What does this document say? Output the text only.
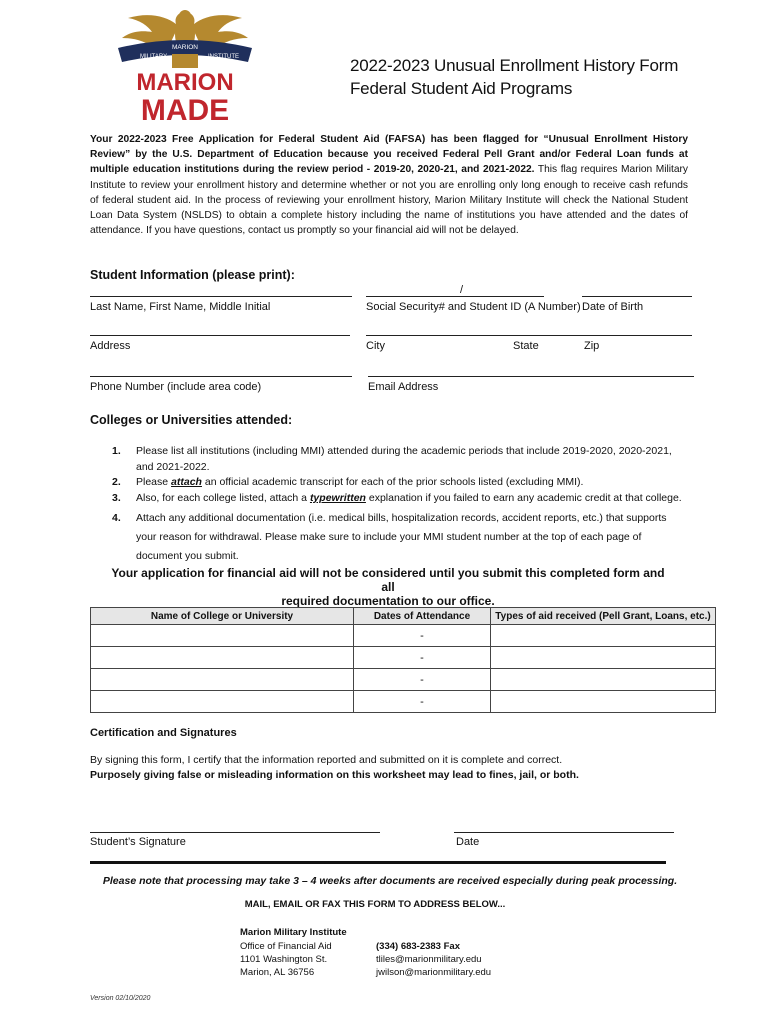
MILITARY
MARION
INSTITUTE
MARION
MADE
2022-2023 Unusual Enrollment History Form
Federal Student Aid Programs
Your 2022-2023 Free Application for Federal Student Aid (FAFSA) has been flagged for “Unusual Enrollment History Review” by the U.S. Department of Education because you received Federal Pell Grant and/or Federal Loan funds at multiple education institutions during the review period - 2019-20, 2020-21, and 2021-2022. This flag requires Marion Military Institute to review your enrollment history and determine whether or not you are enrolling only long enough to receive cash refunds of federal student aid. In the process of reviewing your enrollment history, Marion Military Institute will check the National Student Loan Data System (NSLDS) to obtain a complete history including the name of institutions you have attended and the dates of attendance. If you have questions, contact us promptly so your financial aid will not be delayed.
Student Information (please print):
/
Last Name, First Name, Middle Initial	Social Security# and Student ID (A Number) Date of Birth
Address	City	State	Zip
Phone Number (include area code)	Email Address
Colleges or Universities attended:
1. Please list all institutions (including MMI) attended during the academic periods that include 2019-2020, 2020-2021, and 2021-2022.
2. Please attach an official academic transcript for each of the prior schools listed (excluding MMI).
3. Also, for each college listed, attach a typewritten explanation if you failed to earn any academic credit at that college.
4. Attach any additional documentation (i.e. medical bills, hospitalization records, accident reports, etc.) that supports your reason for withdrawal. Please make sure to include your MMI student number at the top of each page of document you submit.
Your application for financial aid will not be considered until you submit this completed form and all
required documentation to our office.
Name of College or University	Dates of Attendance	Types of aid received (Pell Grant, Loans, etc.)
	-	
	-	
	-	
	-	
Certification and Signatures
By signing this form, I certify that the information reported and submitted on it is complete and correct.
Purposely giving false or misleading information on this worksheet may lead to fines, jail, or both.
Student’s Signature	Date
Please note that processing may take 3 – 4 weeks after documents are received especially during peak processing.
MAIL, EMAIL OR FAX THIS FORM TO ADDRESS BELOW...
Marion Military Institute
Office of Financial Aid
1101 Washington St.
Marion, AL 36756
(334) 683-2383 Fax
tliles@marionmilitary.edu
jwilson@marionmilitary.edu
Version 02/10/2020
